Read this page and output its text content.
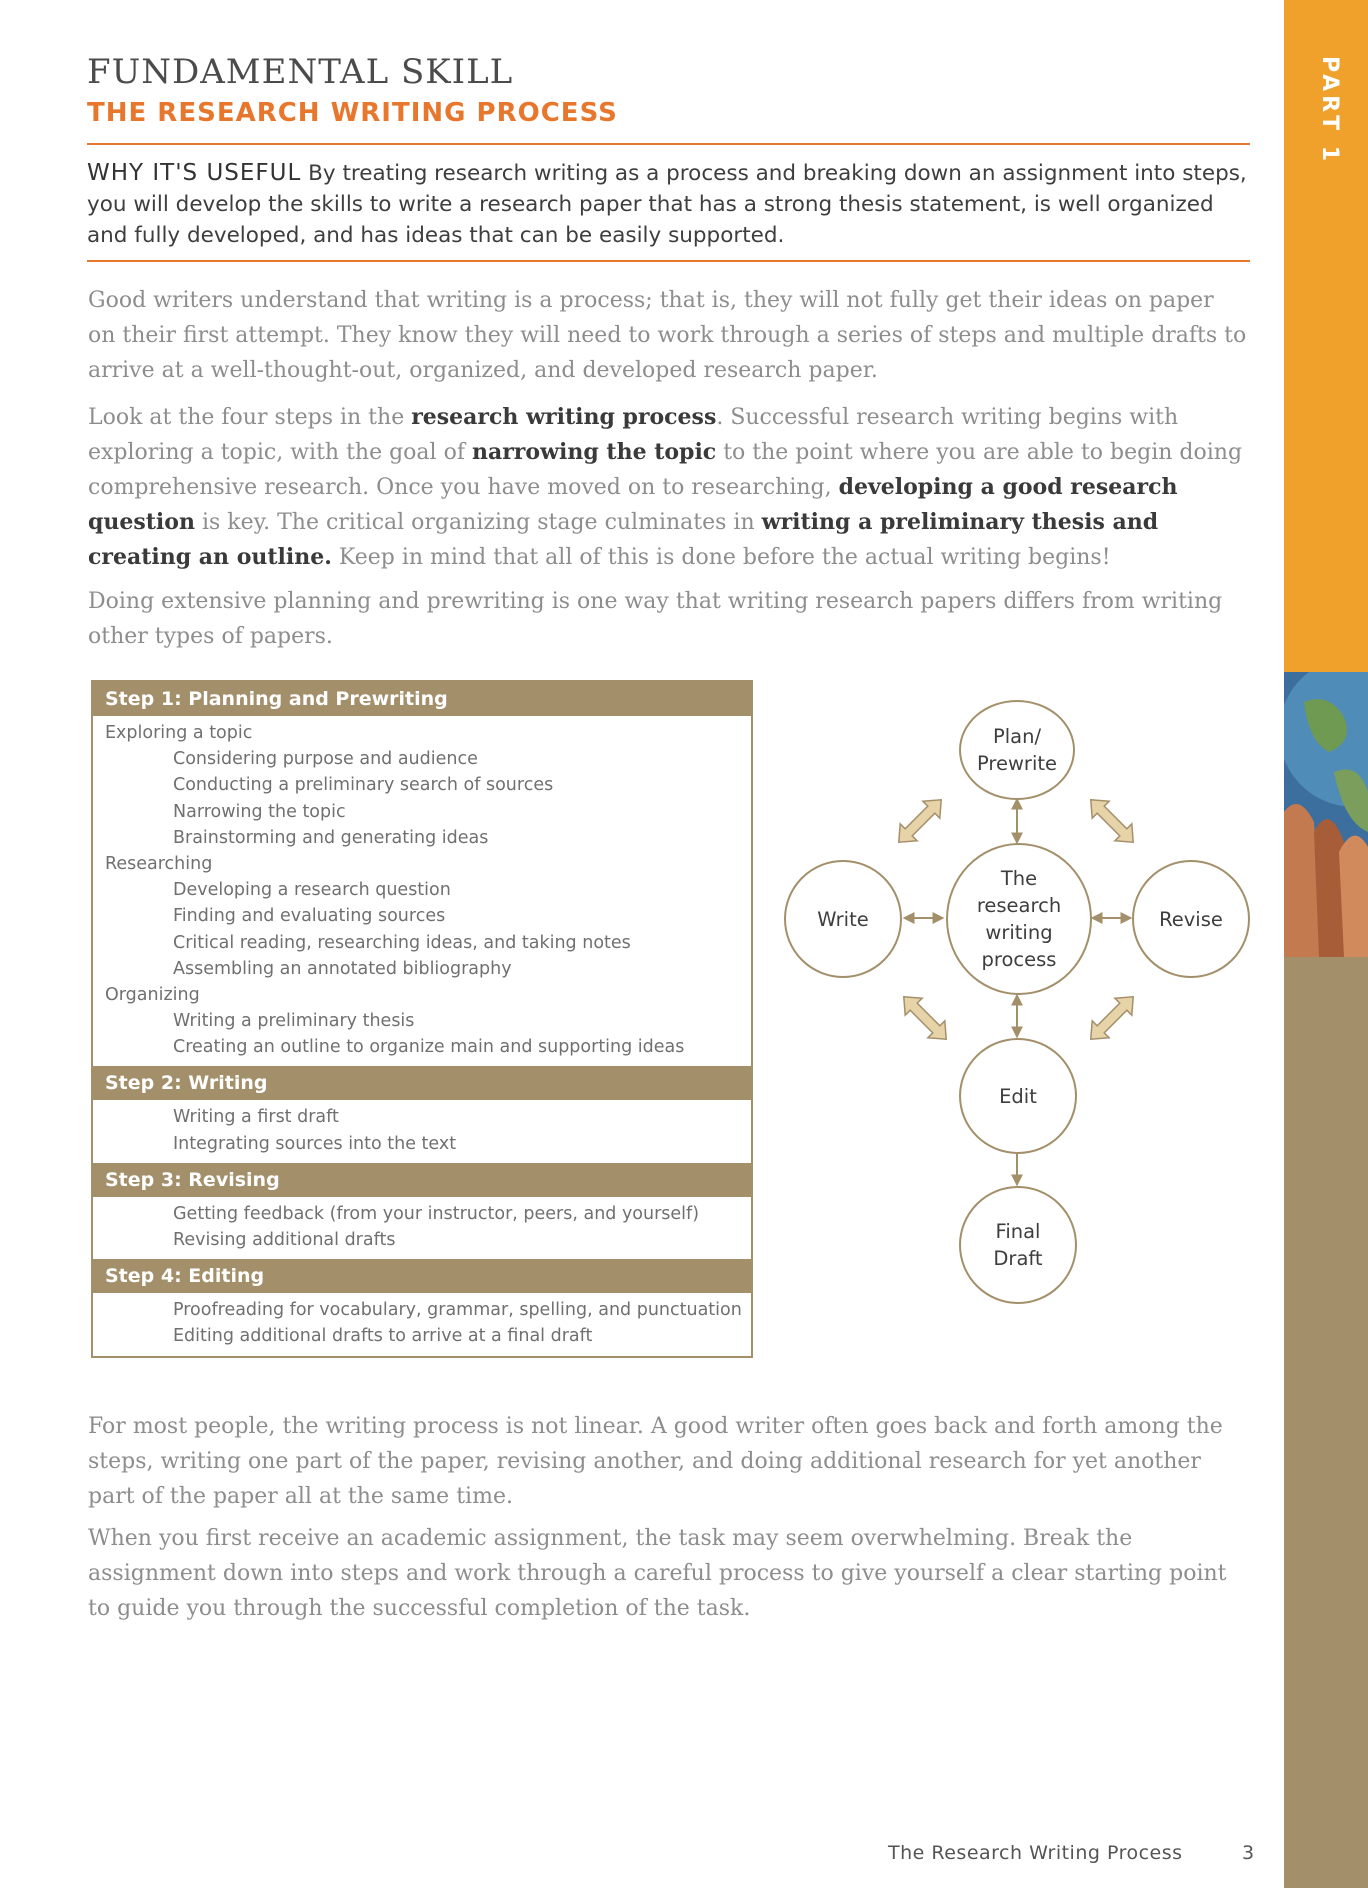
PART 1
FUNDAMENTAL SKILL
THE RESEARCH WRITING PROCESS
WHY IT'S USEFUL By treating research writing as a process and breaking down an assignment into steps, you will develop the skills to write a research paper that has a strong thesis statement, is well organized and fully developed, and has ideas that can be easily supported.
Good writers understand that writing is a process; that is, they will not fully get their ideas on paper on their first attempt. They know they will need to work through a series of steps and multiple drafts to arrive at a well-thought-out, organized, and developed research paper.
Look at the four steps in the research writing process. Successful research writing begins with exploring a topic, with the goal of narrowing the topic to the point where you are able to begin doing comprehensive research. Once you have moved on to researching, developing a good research question is key. The critical organizing stage culminates in writing a preliminary thesis and creating an outline. Keep in mind that all of this is done before the actual writing begins!
Doing extensive planning and prewriting is one way that writing research papers differs from writing other types of papers.
Step 1: Planning and Prewriting
Exploring a topic
Considering purpose and audience
Conducting a preliminary search of sources
Narrowing the topic
Brainstorming and generating ideas
Researching
Developing a research question
Finding and evaluating sources
Critical reading, researching ideas, and taking notes
Assembling an annotated bibliography
Organizing
Writing a preliminary thesis
Creating an outline to organize main and supporting ideas
Step 2: Writing
Writing a first draft
Integrating sources into the text
Step 3: Revising
Getting feedback (from your instructor, peers, and yourself)
Revising additional drafts
Step 4: Editing
Proofreading for vocabulary, grammar, spelling, and punctuation
Editing additional drafts to arrive at a final draft
Plan/
Prewrite
Write
The
research
writing
process
Revise
Edit
Final
Draft
For most people, the writing process is not linear. A good writer often goes back and forth among the steps, writing one part of the paper, revising another, and doing additional research for yet another part of the paper all at the same time.
When you first receive an academic assignment, the task may seem overwhelming. Break the assignment down into steps and work through a careful process to give yourself a clear starting point to guide you through the successful completion of the task.
The Research Writing Process	3
